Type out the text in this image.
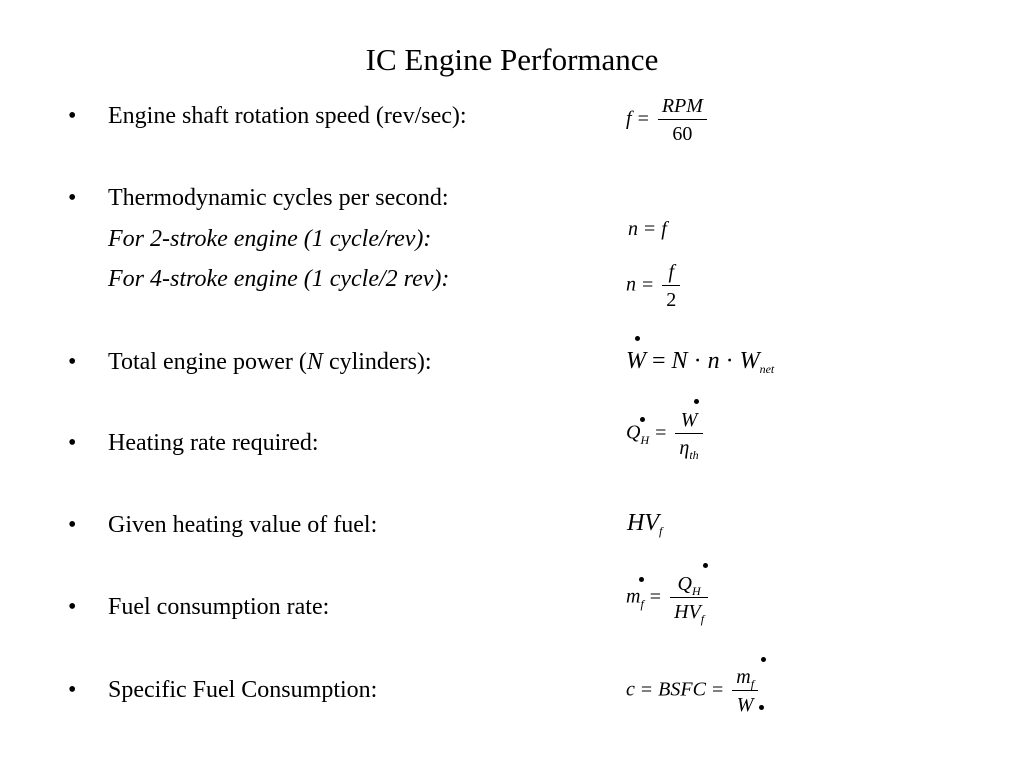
IC Engine Performance
• Engine shaft rotation speed (rev/sec):
• Thermodynamic cycles per second:
For 2-stroke engine (1 cycle/rev):
For 4-stroke engine (1 cycle/2 rev):
• Total engine power (N cylinders):
• Heating rate required:
• Given heating value of fuel:
• Fuel consumption rate:
• Specific Fuel Consumption:
$f = \frac{\text{RPM}}{60}$
n = f
$n = \frac{f}{2}$
$W = N \cdot n \cdot W_{net}$
$Q_H = \frac{W}{\eta_{th}}$
$HV_f$
$m_f = \frac{Q_H}{HV_f}$
c = BSFC = $\frac{m_f}{W}$
